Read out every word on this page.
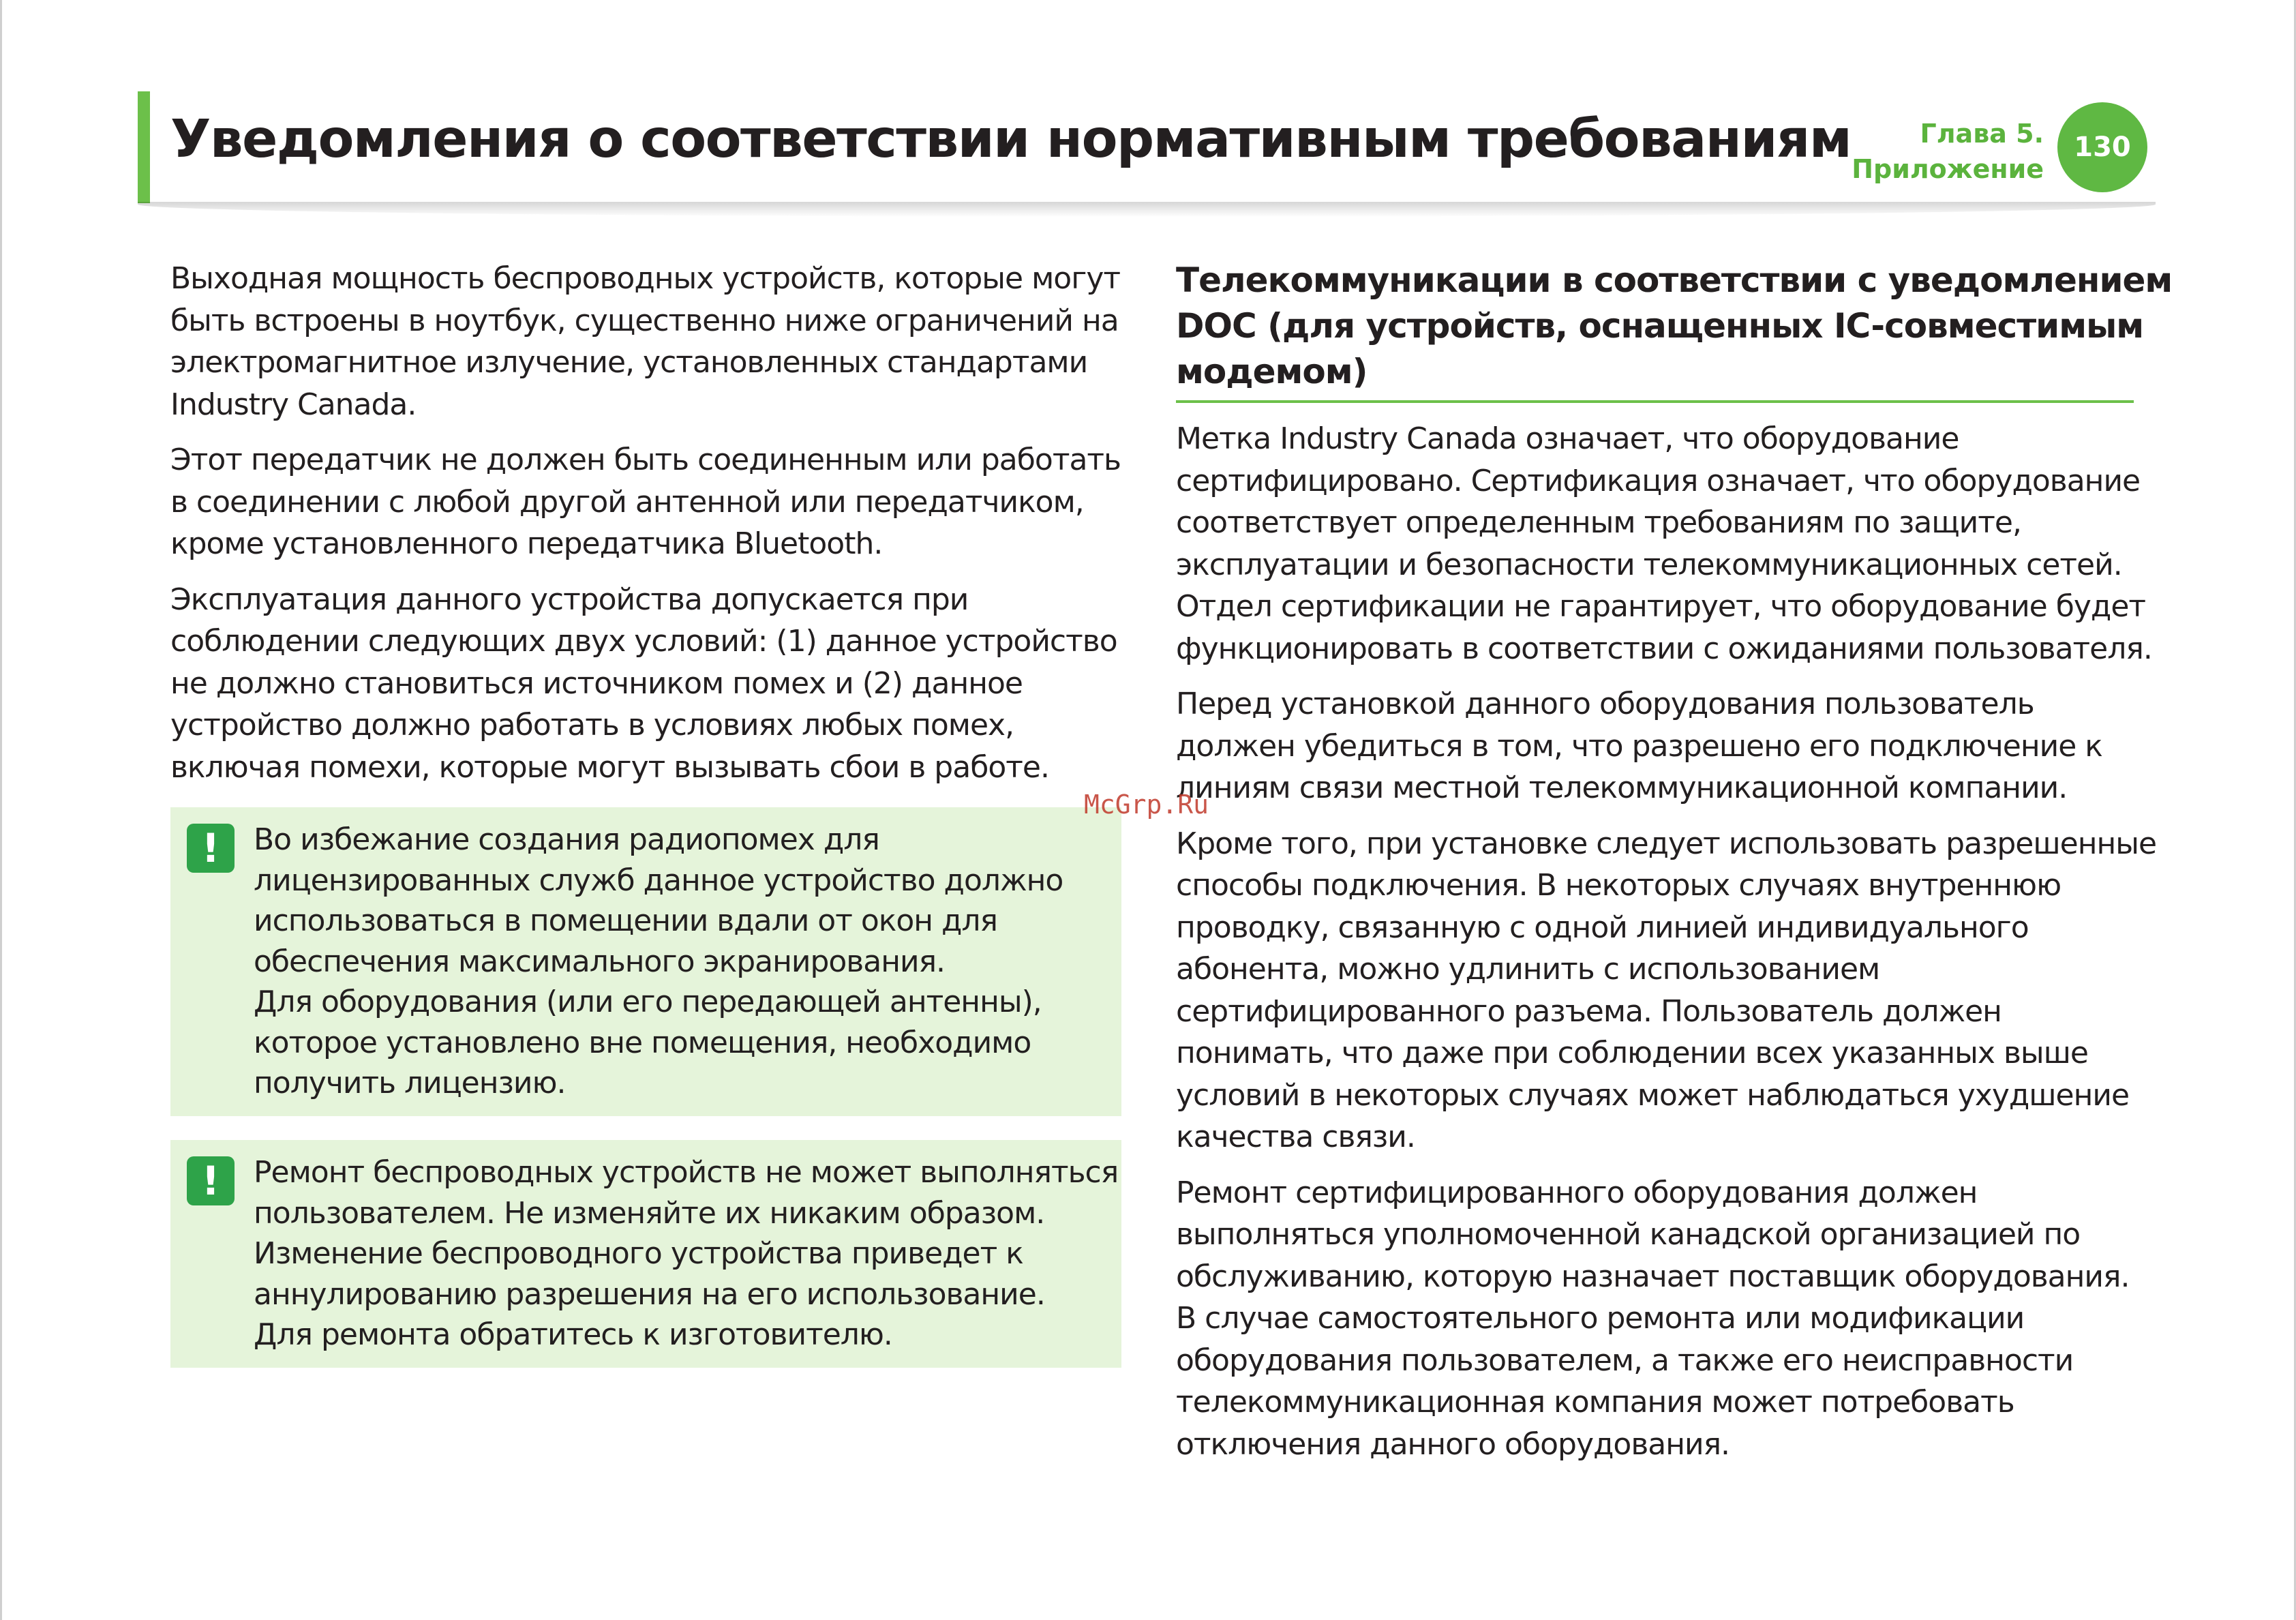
Уведомления о соответствии нормативным требованиям	Глава 5.
Приложение
130

Выходная мощность беспроводных устройств, которые могут
быть встроены в ноутбук, существенно ниже ограничений на
электромагнитное излучение, установленных стандартами
Industry Canada.

Этот передатчик не должен быть соединенным или работать
в соединении с любой другой антенной или передатчиком,
кроме установленного передатчика Bluetooth.

Эксплуатация данного устройства допускается при
соблюдении следующих двух условий: (1) данное устройство
не должно становиться источником помех и (2) данное
устройство должно работать в условиях любых помех,
включая помехи, которые могут вызывать сбои в работе.

!	Во избежание создания радиопомех для
лицензированных служб данное устройство должно
использоваться в помещении вдали от окон для
обеспечения максимального экранирования.
Для оборудования (или его передающей антенны),
которое установлено вне помещения, необходимо
получить лицензию.
!	Ремонт беспроводных устройств не может выполняться
пользователем. Не изменяйте их никаким образом.
Изменение беспроводного устройства приведет к
аннулированию разрешения на его использование.
Для ремонта обратитесь к изготовителю.
Телекоммуникации в соответствии с уведомлением
DOC (для устройств, оснащенных IC-совместимым
модемом)

Метка Industry Canada означает, что оборудование
сертифицировано. Сертификация означает, что оборудование
соответствует определенным требованиям по защите,
эксплуатации и безопасности телекоммуникационных сетей.
Отдел сертификации не гарантирует, что оборудование будет
функционировать в соответствии с ожиданиями пользователя.

Перед установкой данного оборудования пользователь
должен убедиться в том, что разрешено его подключение к
линиям связи местной телекоммуникационной компании.

Кроме того, при установке следует использовать разрешенные
способы подключения. В некоторых случаях внутреннюю
проводку, связанную с одной линией индивидуального
абонента, можно удлинить с использованием
сертифицированного разъема. Пользователь должен
понимать, что даже при соблюдении всех указанных выше
условий в некоторых случаях может наблюдаться ухудшение
качества связи.

Ремонт сертифицированного оборудования должен
выполняться уполномоченной канадской организацией по
обслуживанию, которую назначает поставщик оборудования.
В случае самостоятельного ремонта или модификации
оборудования пользователем, а также его неисправности
телекоммуникационная компания может потребовать
отключения данного оборудования.

McGrp.Ru
